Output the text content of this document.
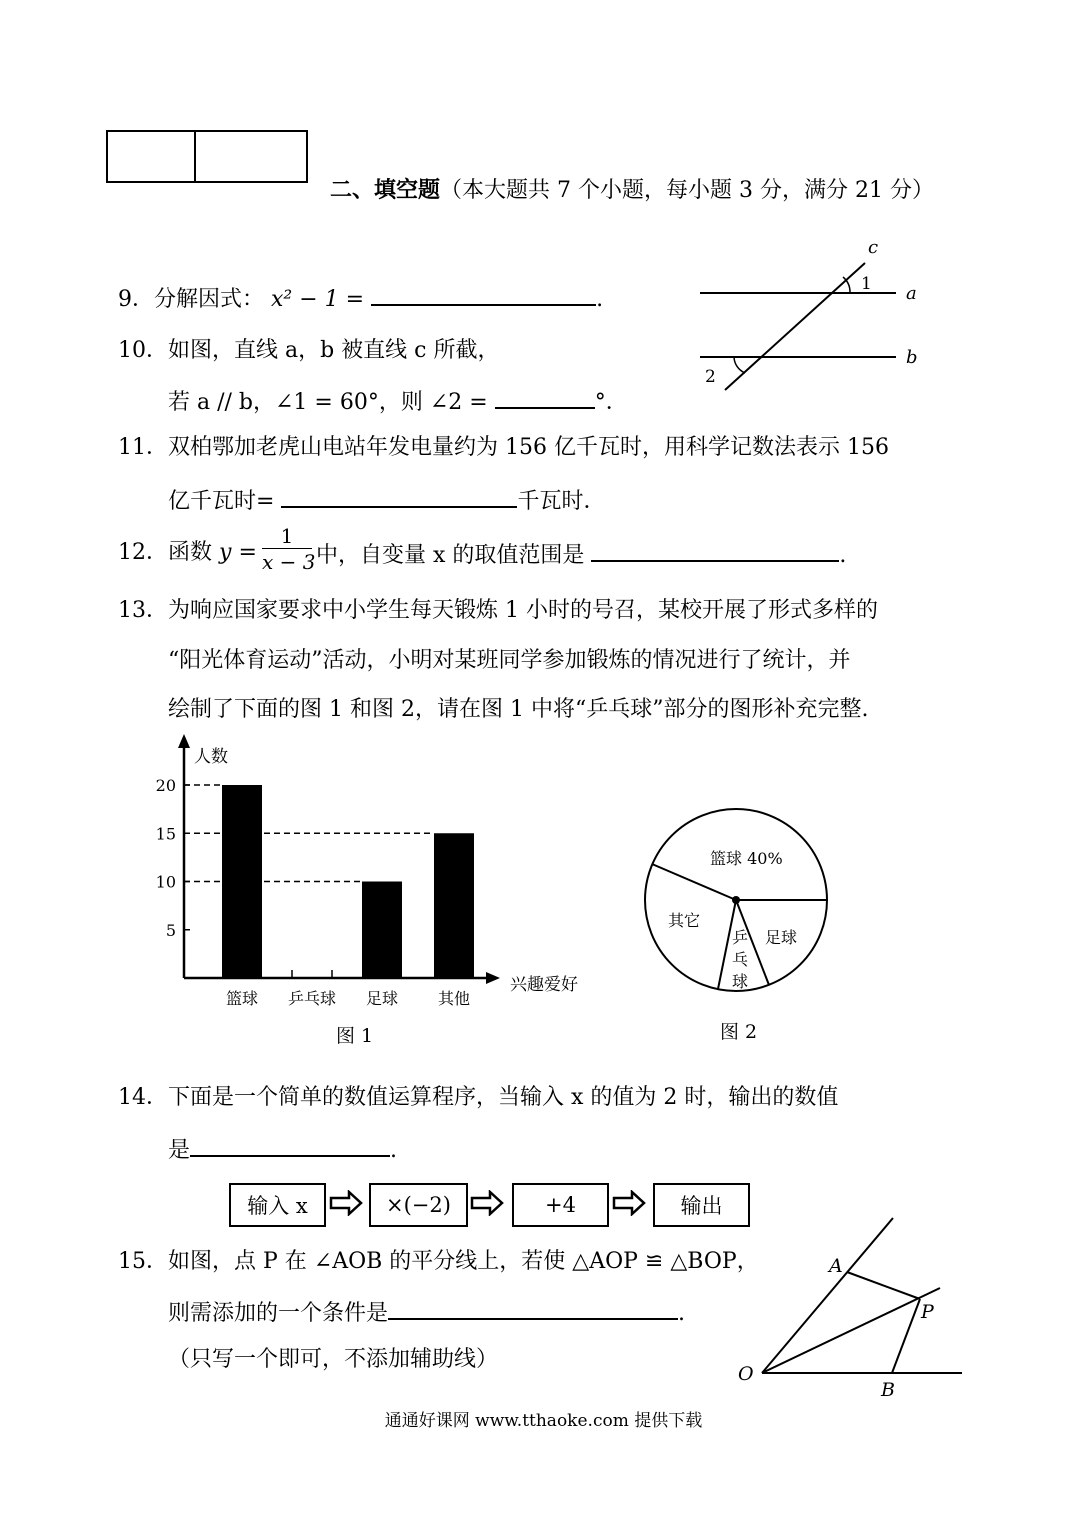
二、填空题（本大题共 7 个小题，每小题 3 分，满分 21 分）
9．分解因式： x² − 1 =	.
10．如图，直线 a，b 被直线 c 所截，
若 a // b，∠1 = 60°，则 ∠2 =	°．
c
a
b
1
2
11．双柏鄂加老虎山电站年发电量约为 156 亿千瓦时，用科学记数法表示 156
亿千瓦时=	千瓦时．
12．函数 $y = \frac{1}{x - 3}$ 中，自变量 x 的取值范围是	.
13．为响应国家要求中小学生每天锻炼 1 小时的号召，某校开展了形式多样的
“阳光体育运动”活动，小明对某班同学参加锻炼的情况进行了统计，并
绘制了下面的图 1 和图 2，请在图 1 中将“乒乓球”部分的图形补充完整.
人数
兴趣爱好
5
10
15
20
篮球 乒乓球 足球 其他
图 1
篮球 40%
足球
其它
乒
乓
球
图 2
14．下面是一个简单的数值运算程序，当输入 x 的值为 2 时，输出的数值
是	.
输入 x	×(−2)	+4	输出
15．如图，点 P 在 ∠AOB 的平分线上，若使 △AOP ≌ △BOP，
则需添加的一个条件是	.
（只写一个即可，不添加辅助线）
A
P
O
B
通通好课网 www.tthaoke.com 提供下载
